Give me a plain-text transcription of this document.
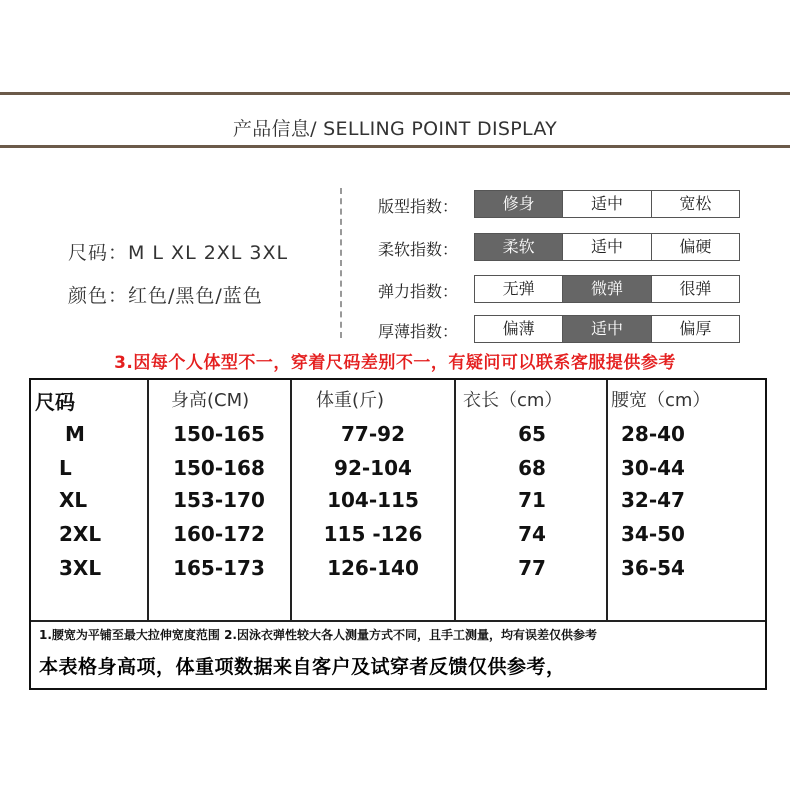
产品信息/ SELLING POINT DISPLAY
尺码：M L XL 2XL 3XL
颜色：红色/黑色/蓝色
版型指数：	修身	适中	宽松
柔软指数：	柔软	适中	偏硬
弹力指数：	无弹	微弹	很弹
厚薄指数：	偏薄	适中	偏厚
3.因每个人体型不一，穿着尺码差别不一，有疑问可以联系客服提供参考
1.腰宽为平铺至最大拉伸宽度范围 2.因泳衣弹性较大各人测量方式不同，且手工测量，均有误差仅供参考
本表格身高项，体重项数据来自客户及试穿者反馈仅供参考，
尺码	身高(CM)	体重(斤)	衣长（cm）	腰宽（cm）
M	150-165	77-92	65	28-40
L	150-168	92-104	68	30-44
XL	153-170	104-115	71	32-47
2XL	160-172	115 -126	74	34-50
3XL	165-173	126-140	77	36-54
